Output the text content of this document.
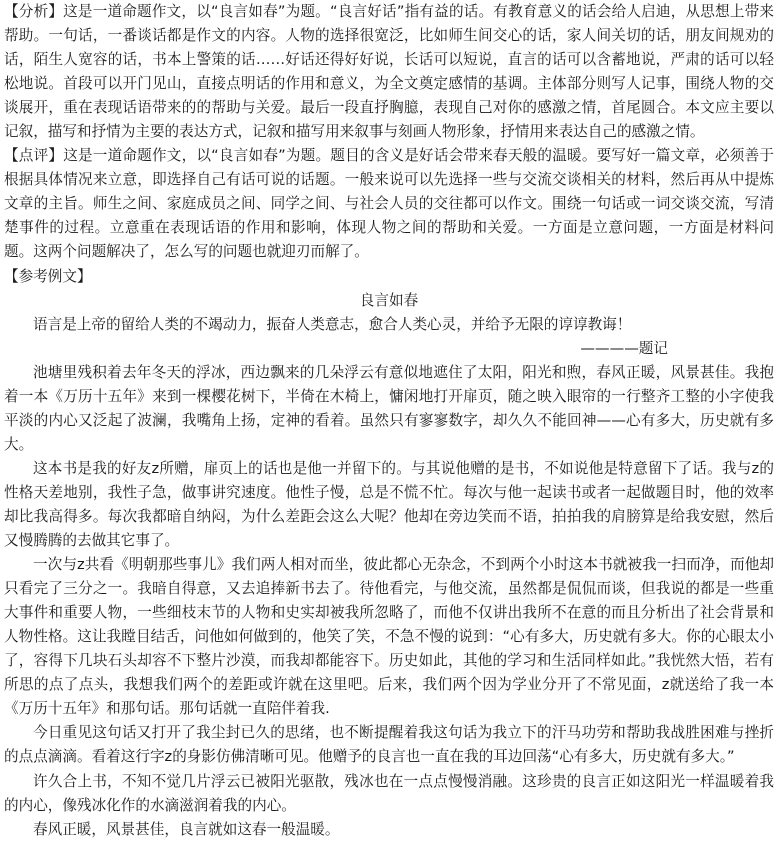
【分析】这是一道命题作文，以“良言如春”为题。“良言好话”指有益的话。有教育意义的话会给人启迪，从思想上带来帮助。一句话，一番谈话都是作文的内容。人物的选择很宽泛，比如师生间交心的话，家人间关切的话，朋友间规劝的话，陌生人宽容的话，书本上警策的话……好话还得好好说，长话可以短说，直言的话可以含蓄地说，严肃的话可以轻松地说。首段可以开门见山，直接点明话的作用和意义，为全文奠定感情的基调。主体部分则写人记事，围绕人物的交谈展开，重在表现话语带来的的帮助与关爱。最后一段直抒胸臆，表现自己对你的感激之情，首尾圆合。本文应主要以记叙，描写和抒情为主要的表达方式，记叙和描写用来叙事与刻画人物形象，抒情用来表达自己的感激之情。

【点评】这是一道命题作文，以“良言如春”为题。题目的含义是好话会带来春天般的温暖。要写好一篇文章，必须善于根据具体情况来立意，即选择自己有话可说的话题。一般来说可以先选择一些与交流交谈相关的材料，然后再从中提炼文章的主旨。师生之间、家庭成员之间、同学之间、与社会人员的交往都可以作文。围绕一句话或一词交谈交流，写清楚事件的过程。立意重在表现话语的作用和影响，体现人物之间的帮助和关爱。一方面是立意问题，一方面是材料问题。这两个问题解决了，怎么写的问题也就迎刃而解了。

【参考例文】

良言如春

语言是上帝的留给人类的不竭动力，振奋人类意志，愈合人类心灵，并给予无限的谆谆教诲！

————题记

池塘里残积着去年冬天的浮冰，西边飘来的几朵浮云有意似地遮住了太阳，阳光和煦，春风正暖，风景甚佳。我抱着一本《万历十五年》来到一棵樱花树下，半倚在木椅上，慵闲地打开扉页，随之映入眼帘的一行整齐工整的小字使我平淡的内心又泛起了波澜，我嘴角上扬，定神的看着。虽然只有寥寥数字，却久久不能回神——心有多大，历史就有多大。

这本书是我的好友z所赠，扉页上的话也是他一并留下的。与其说他赠的是书，不如说他是特意留下了话。我与z的性格天差地别，我性子急，做事讲究速度。他性子慢，总是不慌不忙。每次与他一起读书或者一起做题目时，他的效率却比我高得多。每次我都暗自纳闷，为什么差距会这么大呢？他却在旁边笑而不语，拍拍我的肩膀算是给我安慰，然后又慢腾腾的去做其它事了。

一次与z共看《明朝那些事儿》我们两人相对而坐，彼此都心无杂念，不到两个小时这本书就被我一扫而净，而他却只看完了三分之一。我暗自得意，又去追捧新书去了。待他看完，与他交流，虽然都是侃侃而谈，但我说的都是一些重大事件和重要人物，一些细枝末节的人物和史实却被我所忽略了，而他不仅讲出我所不在意的而且分析出了社会背景和人物性格。这让我瞠目结舌，问他如何做到的，他笑了笑，不急不慢的说到：“心有多大，历史就有多大。你的心眼太小了，容得下几块石头却容不下整片沙漠，而我却都能容下。历史如此，其他的学习和生活同样如此。”我恍然大悟，若有所思的点了点头，我想我们两个的差距或许就在这里吧。后来，我们两个因为学业分开了不常见面，z就送给了我一本《万历十五年》和那句话。那句话就一直陪伴着我.

今日重见这句话又打开了我尘封已久的思绪，也不断提醒着我这句话为我立下的汗马功劳和帮助我战胜困难与挫折的点点滴滴。看着这行字z的身影仿佛清晰可见。他赠予的良言也一直在我的耳边回荡“心有多大，历史就有多大。”

许久合上书，不知不觉几片浮云已被阳光驱散，残冰也在一点点慢慢消融。这珍贵的良言正如这阳光一样温暖着我的内心，像残冰化作的水滴滋润着我的内心。

春风正暖，风景甚佳，良言就如这春一般温暖。
